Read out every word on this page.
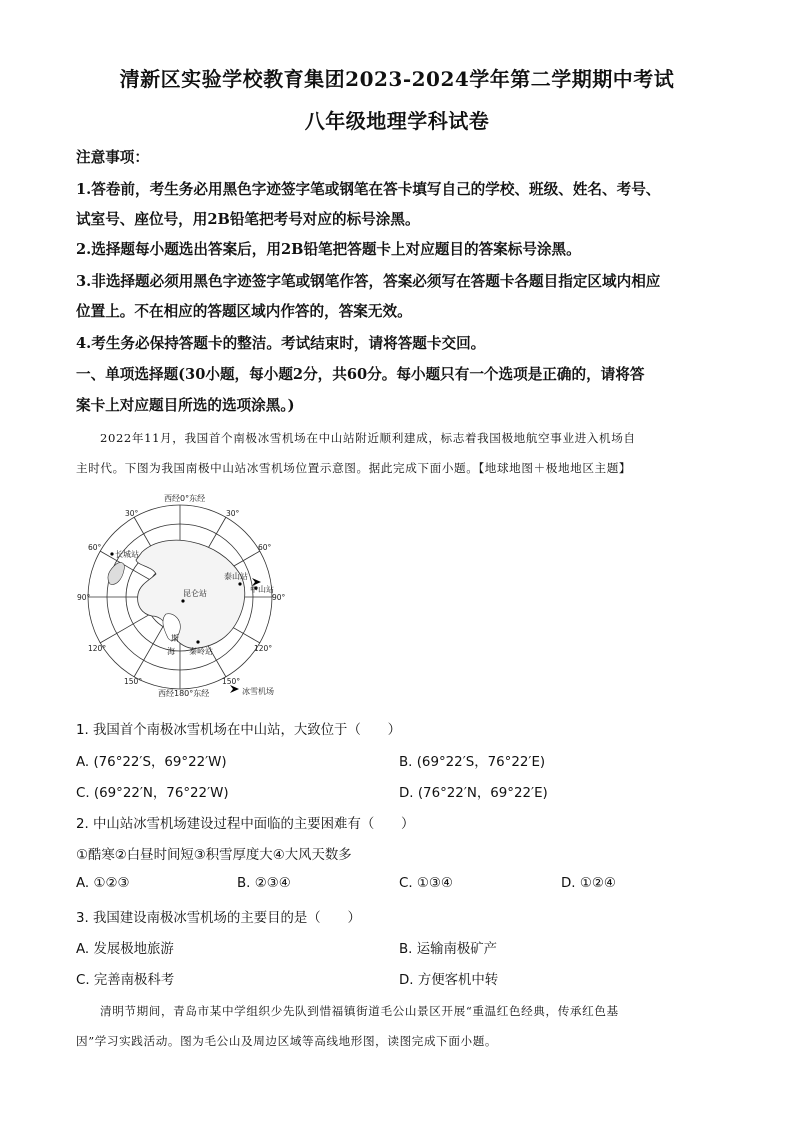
清新区实验学校教育集团2023-2024学年第二学期期中考试
八年级地理学科试卷
注意事项：
1.答卷前，考生务必用黑色字迹签字笔或钢笔在答卡填写自己的学校、班级、姓名、考号、
试室号、座位号，用2B铅笔把考号对应的标号涂黑。
2.选择题每小题选出答案后，用2B铅笔把答题卡上对应题目的答案标号涂黑。
3.非选择题必须用黑色字迹签字笔或钢笔作答，答案必须写在答题卡各题目指定区域内相应
位置上。不在相应的答题区域内作答的，答案无效。
4.考生务必保持答题卡的整洁。考试结束时，请将答题卡交回。
一、单项选择题(30小题，每小题2分，共60分。每小题只有一个选项是正确的，请将答
案卡上对应题目所选的选项涂黑。)
2022年11月，我国首个南极冰雪机场在中山站附近顺利建成，标志着我国极地航空事业进入机场自
主时代。下图为我国南极中山站冰雪机场位置示意图。据此完成下面小题。【地球地图＋极地地区主题】
西经0°东经
西经180°东经
30°	30°
60°	60°
90°	90°
120°	120°
150°	150°
长城站
泰山站
中山站
昆仑站
秦岭站
斯
海
冰雪机场
1. 我国首个南极冰雪机场在中山站，大致位于（　　）
A. (76°22′S，69°22′W)	B. (69°22′S，76°22′E)
C. (69°22′N，76°22′W)	D. (76°22′N，69°22′E)
2. 中山站冰雪机场建设过程中面临的主要困难有（　　）
①酷寒②白昼时间短③积雪厚度大④大风天数多
A. ①②③	B. ②③④	C. ①③④	D. ①②④
3. 我国建设南极冰雪机场的主要目的是（　　）
A. 发展极地旅游	B. 运输南极矿产
C. 完善南极科考	D. 方便客机中转
清明节期间，青岛市某中学组织少先队到惜福镇街道毛公山景区开展“重温红色经典，传承红色基
因”学习实践活动。图为毛公山及周边区域等高线地形图，读图完成下面小题。
